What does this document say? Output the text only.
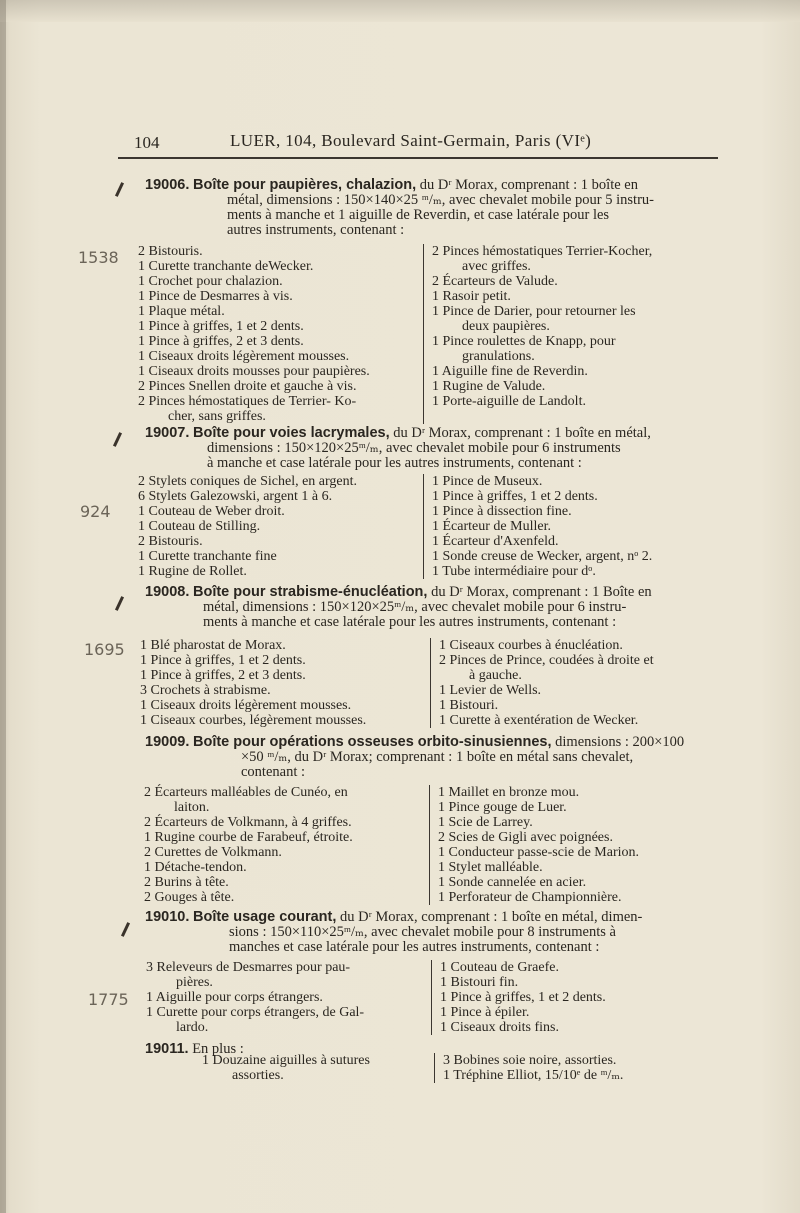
104	LUER, 104, Boulevard Saint-Germain, Paris (VIᵉ)

19006. Boîte pour paupières, chalazion, du Dʳ Morax, comprenant : 1 boîte en
métal, dimensions : 150×140×25 ᵐ/ₘ, avec chevalet mobile pour 5 instru-
ments à manche et 1 aiguille de Reverdin, et case latérale pour les
autres instruments, contenant :

2 Bistouris.
1 Curette tranchante deWecker.
1 Crochet pour chalazion.
1 Pince de Desmarres à vis.
1 Plaque métal.
1 Pince à griffes, 1 et 2 dents.
1 Pince à griffes, 2 et 3 dents.
1 Ciseaux droits légèrement mousses.
1 Ciseaux droits mousses pour paupières.
2 Pinces Snellen droite et gauche à vis.
2 Pinces hémostatiques de Terrier- Ko-
cher, sans griffes.
2 Pinces hémostatiques Terrier-Kocher,
avec griffes.
2 Écarteurs de Valude.
1 Rasoir petit.
1 Pince de Darier, pour retourner les
deux paupières.
1 Pince roulettes de Knapp, pour
granulations.
1 Aiguille fine de Reverdin.
1 Rugine de Valude.
1 Porte-aiguille de Landolt.
1538

19007. Boîte pour voies lacrymales, du Dʳ Morax, comprenant : 1 boîte en métal,
dimensions : 150×120×25ᵐ/ₘ, avec chevalet mobile pour 6 instruments
à manche et case latérale pour les autres instruments, contenant :

2 Stylets coniques de Sichel, en argent.
6 Stylets Galezowski, argent 1 à 6.
1 Couteau de Weber droit.
1 Couteau de Stilling.
2 Bistouris.
1 Curette tranchante fine
1 Rugine de Rollet.
1 Pince de Museux.
1 Pince à griffes, 1 et 2 dents.
1 Pince à dissection fine.
1 Écarteur de Muller.
1 Écarteur d'Axenfeld.
1 Sonde creuse de Wecker, argent, nᵒ 2.
1 Tube intermédiaire pour dᵒ.
924

19008. Boîte pour strabisme-énucléation, du Dʳ Morax, comprenant : 1 Boîte en
métal, dimensions : 150×120×25ᵐ/ₘ, avec chevalet mobile pour 6 instru-
ments à manche et case latérale pour les autres instruments, contenant :

1 Blé pharostat de Morax.
1 Pince à griffes, 1 et 2 dents.
1 Pince à griffes, 2 et 3 dents.
3 Crochets à strabisme.
1 Ciseaux droits légèrement mousses.
1 Ciseaux courbes, légèrement mousses.
1 Ciseaux courbes à énucléation.
2 Pinces de Prince, coudées à droite et
à gauche.
1 Levier de Wells.
1 Bistouri.
1 Curette à exentération de Wecker.
1695

19009. Boîte pour opérations osseuses orbito-sinusiennes, dimensions : 200×100
×50 ᵐ/ₘ, du Dʳ Morax; comprenant : 1 boîte en métal sans chevalet,
contenant :

2 Écarteurs malléables de Cunéo, en
laiton.
2 Écarteurs de Volkmann, à 4 griffes.
1 Rugine courbe de Farabeuf, étroite.
2 Curettes de Volkmann.
1 Détache-tendon.
2 Burins à tête.
2 Gouges à tête.
1 Maillet en bronze mou.
1 Pince gouge de Luer.
1 Scie de Larrey.
2 Scies de Gigli avec poignées.
1 Conducteur passe-scie de Marion.
1 Stylet malléable.
1 Sonde cannelée en acier.
1 Perforateur de Championnière.

19010. Boîte usage courant, du Dʳ Morax, comprenant : 1 boîte en métal, dimen-
sions : 150×110×25ᵐ/ₘ, avec chevalet mobile pour 8 instruments à
manches et case latérale pour les autres instruments, contenant :

3 Releveurs de Desmarres pour pau-
pières.
1 Aiguille pour corps étrangers.
1 Curette pour corps étrangers, de Gal-
lardo.
1 Couteau de Graefe.
1 Bistouri fin.
1 Pince à griffes, 1 et 2 dents.
1 Pince à épiler.
1 Ciseaux droits fins.
1775

19011. En plus :

1 Douzaine aiguilles à sutures
assorties.
3 Bobines soie noire, assorties.
1 Tréphine Elliot, 15/10ᵉ de ᵐ/ₘ.
